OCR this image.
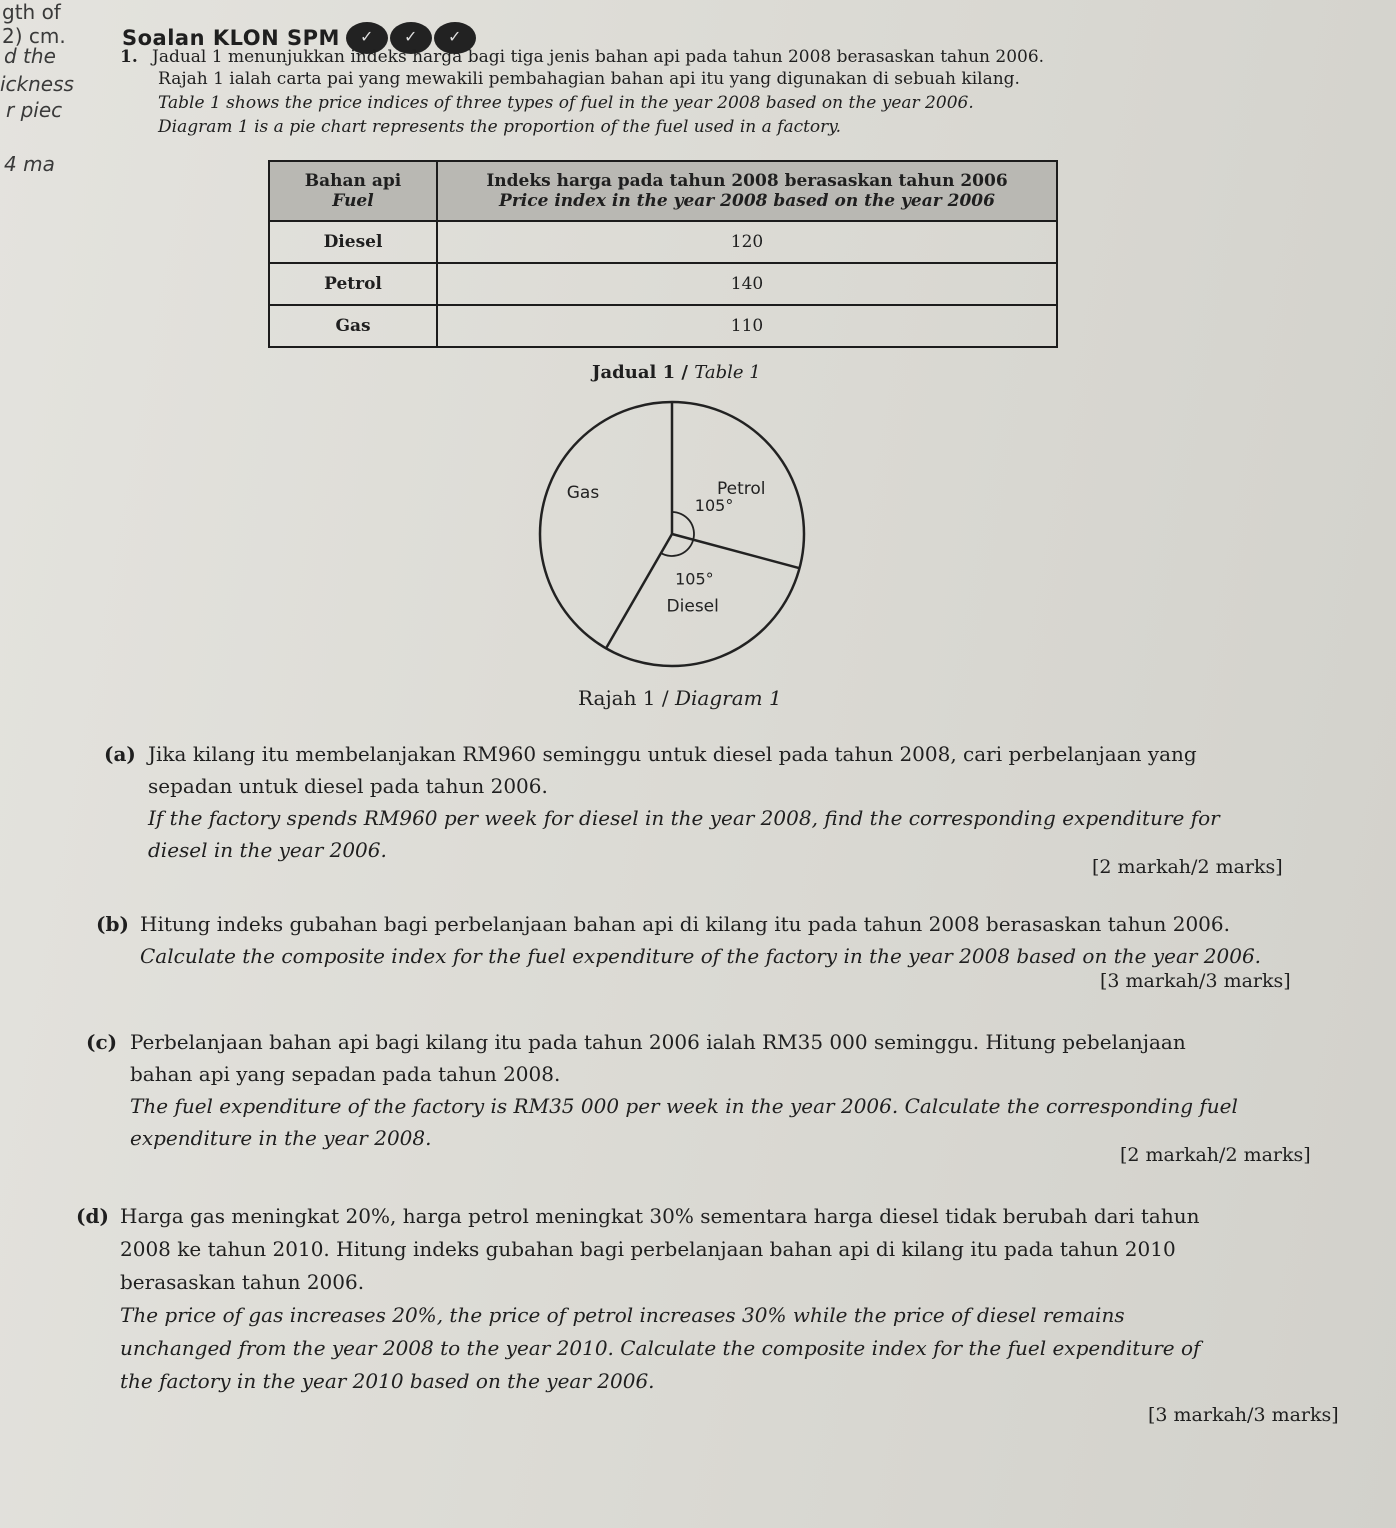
gth of
2) cm.
d the
ickness
r piec
4 ma
Soalan KLON SPM
✓
✓
✓
1. Jadual 1 menunjukkan indeks harga bagi tiga jenis bahan api pada tahun 2008 berasaskan tahun 2006.
Rajah 1 ialah carta pai yang mewakili pembahagian bahan api itu yang digunakan di sebuah kilang.
Table 1 shows the price indices of three types of fuel in the year 2008 based on the year 2006.
Diagram 1 is a pie chart represents the proportion of the fuel used in a factory.
Bahan api
Fuel	Indeks harga pada tahun 2008 berasaskan tahun 2006
Price index in the year 2008 based on the year 2006
Diesel	120
Petrol	140
Gas	110
Jadual 1 / Table 1
Petrol
105°
Diesel
105°
Gas
Rajah 1 / Diagram 1
(a) Jika kilang itu membelanjakan RM960 seminggu untuk diesel pada tahun 2008, cari perbelanjaan yang

sepadan untuk diesel pada tahun 2006.

If the factory spends RM960 per week for diesel in the year 2008, find the corresponding expenditure for

diesel in the year 2006.

[2 markah/2 marks]
(b) Hitung indeks gubahan bagi perbelanjaan bahan api di kilang itu pada tahun 2008 berasaskan tahun 2006.

Calculate the composite index for the fuel expenditure of the factory in the year 2008 based on the year 2006.

[3 markah/3 marks]
(c) Perbelanjaan bahan api bagi kilang itu pada tahun 2006 ialah RM35 000 seminggu. Hitung pebelanjaan

bahan api yang sepadan pada tahun 2008.

The fuel expenditure of the factory is RM35 000 per week in the year 2006. Calculate the corresponding fuel

expenditure in the year 2008.

[2 markah/2 marks]
(d) Harga gas meningkat 20%, harga petrol meningkat 30% sementara harga diesel tidak berubah dari tahun

2008 ke tahun 2010. Hitung indeks gubahan bagi perbelanjaan bahan api di kilang itu pada tahun 2010

berasaskan tahun 2006.

The price of gas increases 20%, the price of petrol increases 30% while the price of diesel remains

unchanged from the year 2008 to the year 2010. Calculate the composite index for the fuel expenditure of

the factory in the year 2010 based on the year 2006.

[3 markah/3 marks]
